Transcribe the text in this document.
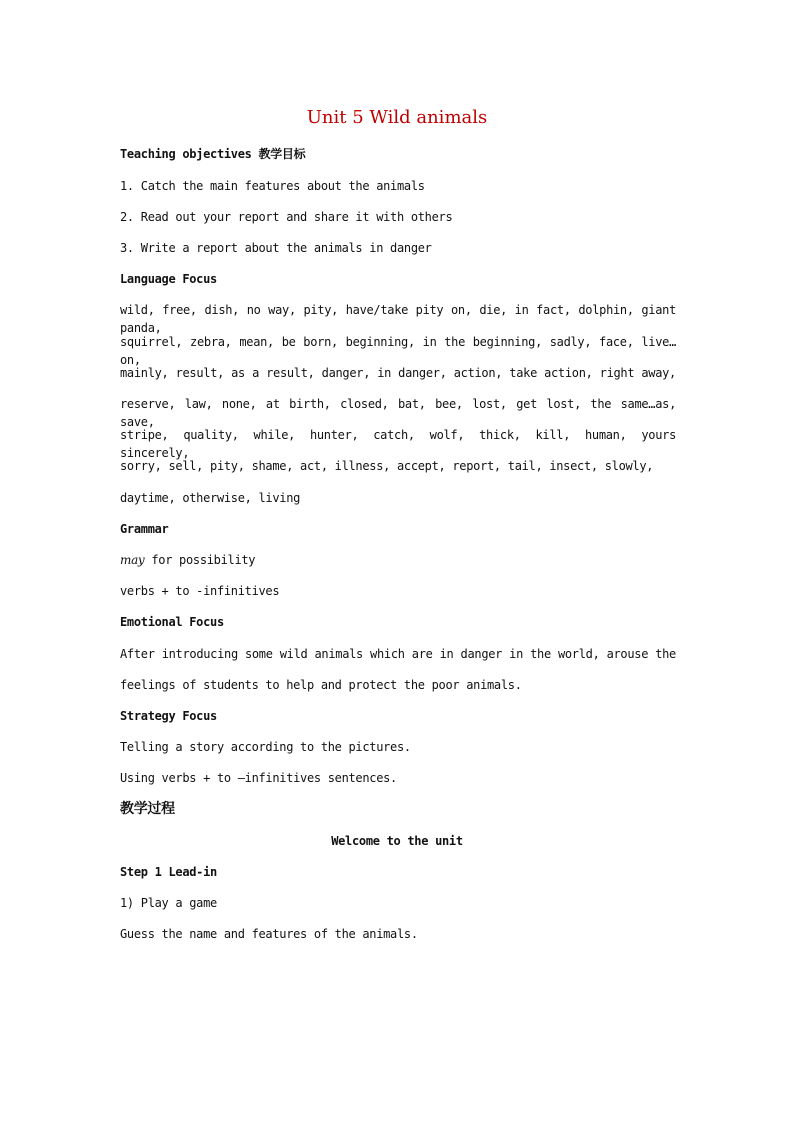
Unit 5 Wild animals
Teaching objectives 教学目标
1. Catch the main features about the animals
2. Read out your report and share it with others
3. Write a report about the animals in danger
Language Focus
wild, free, dish, no way, pity, have/take pity on, die, in fact, dolphin, giant panda,
squirrel, zebra, mean, be born, beginning, in the beginning, sadly, face, live…on,
mainly, result, as a result, danger, in danger, action, take action, right away,
reserve, law, none, at birth, closed, bat, bee, lost, get lost, the same…as, save,
stripe, quality, while, hunter, catch, wolf, thick, kill, human, yours sincerely,
sorry, sell, pity, shame, act, illness, accept, report, tail, insect, slowly,
daytime, otherwise, living
Grammar
may for possibility
verbs + to -infinitives
Emotional Focus
After introducing some wild animals which are in danger in the world, arouse the
feelings of students to help and protect the poor animals.
Strategy Focus
Telling a story according to the pictures.
Using verbs + to –infinitives sentences.
教学过程
Welcome to the unit
Step 1 Lead-in
1) Play a game
Guess the name and features of the animals.
